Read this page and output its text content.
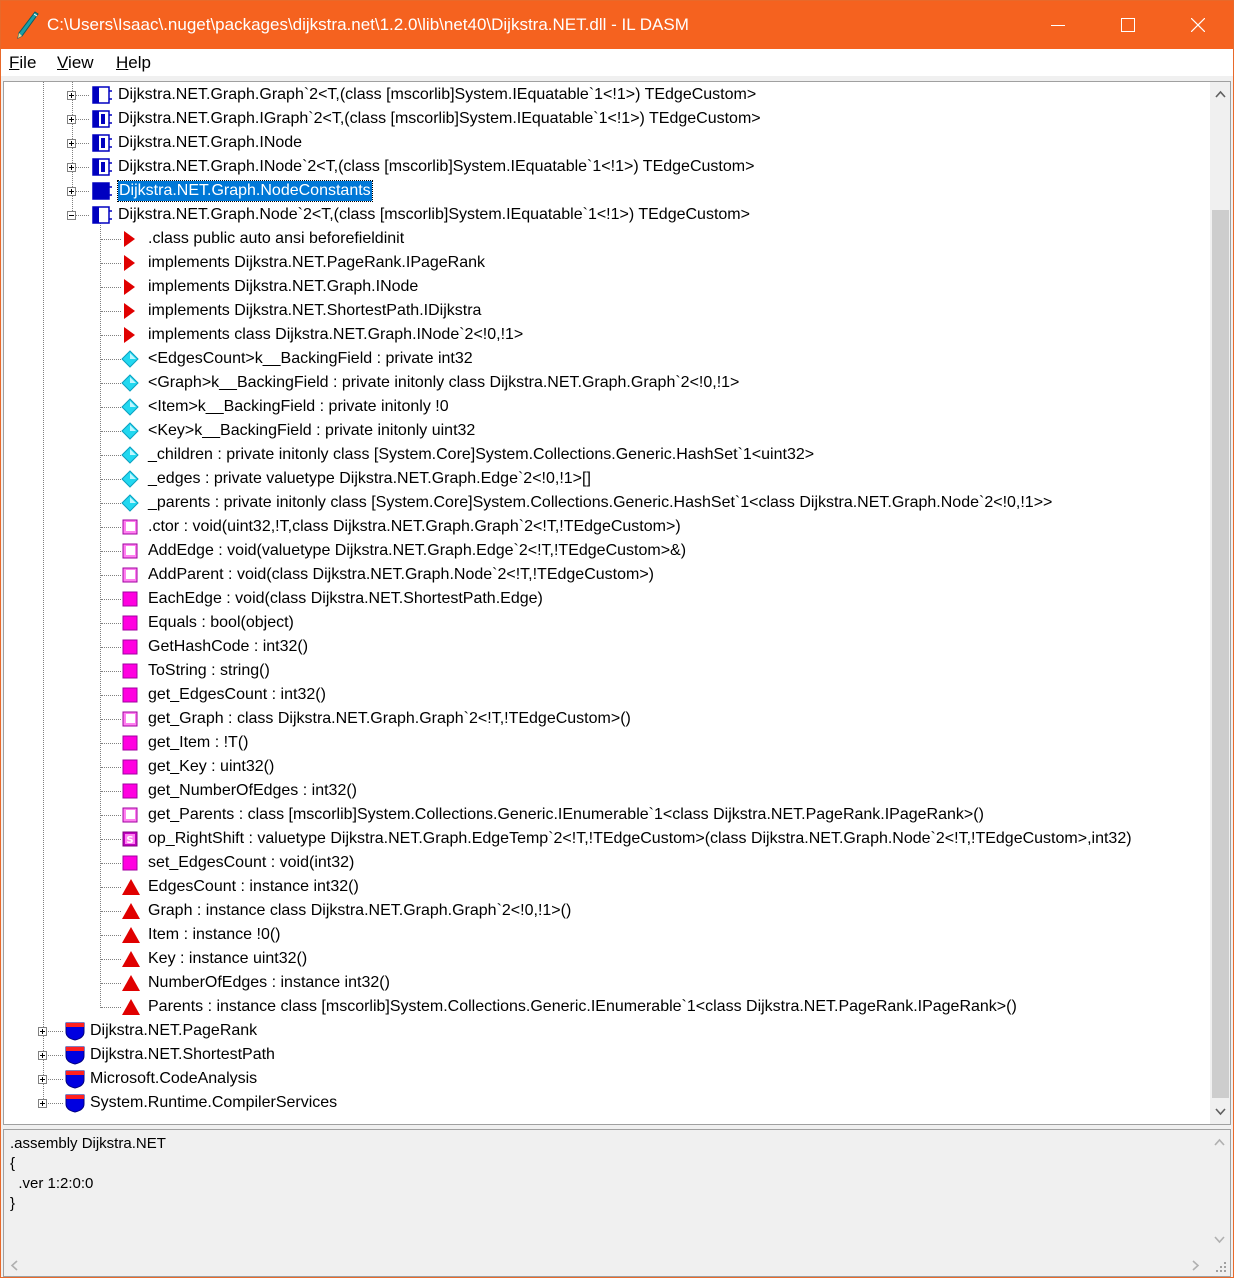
C:\Users\Isaac\.nuget\packages\dijkstra.net\1.2.0\lib\net40\Dijkstra.NET.dll - IL DASM
File View Help
Dijkstra.NET.Graph.Graph`2<T,(class [mscorlib]System.IEquatable`1<!1>) TEdgeCustom>
Dijkstra.NET.Graph.IGraph`2<T,(class [mscorlib]System.IEquatable`1<!1>) TEdgeCustom>
Dijkstra.NET.Graph.INode
Dijkstra.NET.Graph.INode`2<T,(class [mscorlib]System.IEquatable`1<!1>) TEdgeCustom>
Dijkstra.NET.Graph.NodeConstants
Dijkstra.NET.Graph.Node`2<T,(class [mscorlib]System.IEquatable`1<!1>) TEdgeCustom>
.class public auto ansi beforefieldinit
implements Dijkstra.NET.PageRank.IPageRank
implements Dijkstra.NET.Graph.INode
implements Dijkstra.NET.ShortestPath.IDijkstra
implements class Dijkstra.NET.Graph.INode`2<!0,!1>
<EdgesCount>k__BackingField : private int32
<Graph>k__BackingField : private initonly class Dijkstra.NET.Graph.Graph`2<!0,!1>
<Item>k__BackingField : private initonly !0
<Key>k__BackingField : private initonly uint32
_children : private initonly class [System.Core]System.Collections.Generic.HashSet`1<uint32>
_edges : private valuetype Dijkstra.NET.Graph.Edge`2<!0,!1>[]
_parents : private initonly class [System.Core]System.Collections.Generic.HashSet`1<class Dijkstra.NET.Graph.Node`2<!0,!1>>
.ctor : void(uint32,!T,class Dijkstra.NET.Graph.Graph`2<!T,!TEdgeCustom>)
AddEdge : void(valuetype Dijkstra.NET.Graph.Edge`2<!T,!TEdgeCustom>&)
AddParent : void(class Dijkstra.NET.Graph.Node`2<!T,!TEdgeCustom>)
EachEdge : void(class Dijkstra.NET.ShortestPath.Edge)
Equals : bool(object)
GetHashCode : int32()
ToString : string()
get_EdgesCount : int32()
get_Graph : class Dijkstra.NET.Graph.Graph`2<!T,!TEdgeCustom>()
get_Item : !T()
get_Key : uint32()
get_NumberOfEdges : int32()
get_Parents : class [mscorlib]System.Collections.Generic.IEnumerable`1<class Dijkstra.NET.PageRank.IPageRank>()
S op_RightShift : valuetype Dijkstra.NET.Graph.EdgeTemp`2<!T,!TEdgeCustom>(class Dijkstra.NET.Graph.Node`2<!T,!TEdgeCustom>,int32)
set_EdgesCount : void(int32)
EdgesCount : instance int32()
Graph : instance class Dijkstra.NET.Graph.Graph`2<!0,!1>()
Item : instance !0()
Key : instance uint32()
NumberOfEdges : instance int32()
Parents : instance class [mscorlib]System.Collections.Generic.IEnumerable`1<class Dijkstra.NET.PageRank.IPageRank>()
Dijkstra.NET.PageRank
Dijkstra.NET.ShortestPath
Microsoft.CodeAnalysis
System.Runtime.CompilerServices
.assembly Dijkstra.NET
{
.ver 1:2:0:0
}
